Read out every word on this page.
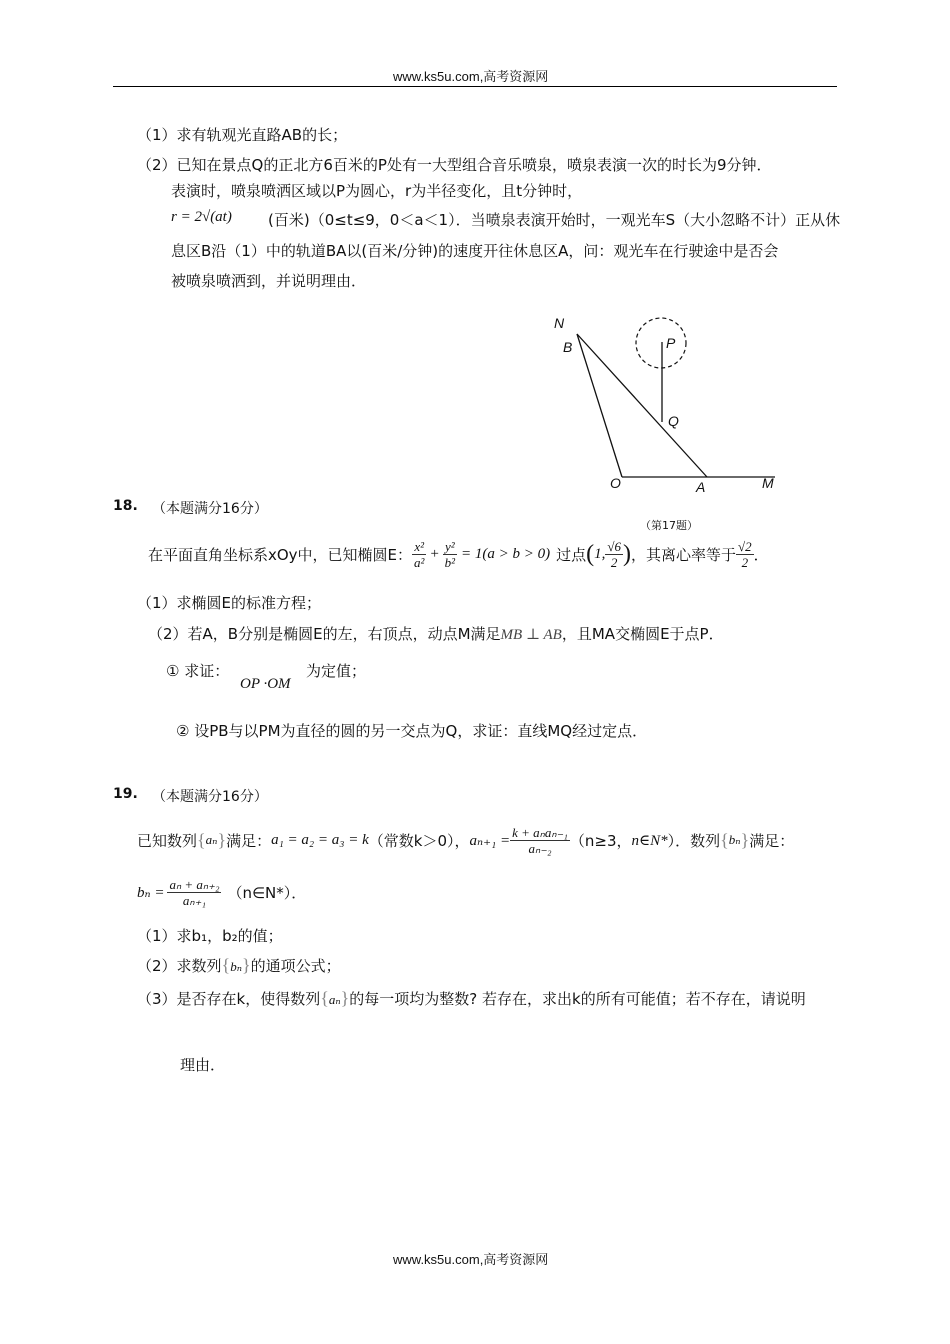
www.ks5u.com,高考资源网
（1）求有轨观光直路AB的长；
（2）已知在景点Q的正北方6百米的P处有一大型组合音乐喷泉，喷泉表演一次的时长为9分钟．
表演时，喷泉喷洒区域以P为圆心，r为半径变化，且t分钟时，
r = 2√(at) (百米)（0≤t≤9，0＜a＜1）．当喷泉表演开始时，一观光车S（大小忽略不计）正从休
息区B沿（1）中的轨道BA以(百米/分钟)的速度开往休息区A，问：观光车在行驶途中是否会
被喷泉喷洒到，并说明理由．
N
B	P
Q
O	A	M
18. （本题满分16分）
（第17题）
在平面直角坐标系xOy中，已知椭圆E： $\frac{\text{x²}}{\text{a²}} + \frac{\text{y²}}{\text{b²}} = 1(a > b > 0)$ 过点 ( 1, $\frac{√6}{2}$ ) ，其离心率等于 $\frac{√2}{2}$ ．
（1）求椭圆E的标准方程；
（2）若A，B分别是椭圆E的左，右顶点，动点M满足MB ⊥ AB，且MA交椭圆E于点P．
① 求证：
OP ·OM
为定值；
② 设PB与以PM为直径的圆的另一交点为Q，求证：直线MQ经过定点．
19. （本题满分16分）
已知数列 { aₙ } 满足： a₁ = a₂ = a₃ = k （常数k＞0）， $a_{n+1} = \frac{\text{k + aₙaₙ₋₁}}{\text{aₙ₋₂}} (n\ge 3$， n∈N* ）．数列 { bₙ } 满足：
$b_n = \frac{\text{aₙ + aₙ₊₂}}{\text{aₙ₊₁}}$ （n∈N*）．
（1）求b₁，b₂的值；
（2）求数列{bₙ}的通项公式；
（3）是否存在k，使得数列{aₙ}的每一项均为整数? 若存在，求出k的所有可能值；若不存在，请说明
理由．
www.ks5u.com,高考资源网
